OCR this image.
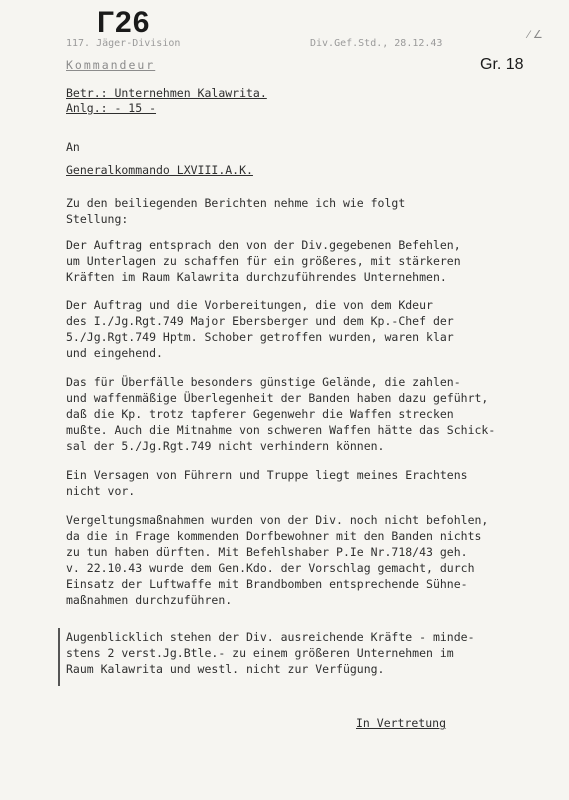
Г26	⁄ ∠
117. Jäger-Division	Div.Gef.Std., 28.12.43
Gr. 18
Kommandeur
Betr.: Unternehmen Kalawrita.
Anlg.: - 15 -
An
Generalkommando LXVIII.A.K.
Zu den beiliegenden Berichten nehme ich wie folgt
Stellung:
Der Auftrag entsprach den von der Div.gegebenen Befehlen,
um Unterlagen zu schaffen für ein größeres, mit stärkeren
Kräften im Raum Kalawrita durchzuführendes Unternehmen.
Der Auftrag und die Vorbereitungen, die von dem Kdeur
des I./Jg.Rgt.749 Major Ebersberger und dem Kp.-Chef der
5./Jg.Rgt.749 Hptm. Schober getroffen wurden, waren klar
und eingehend.
Das für Überfälle besonders günstige Gelände, die zahlen-
und waffenmäßige Überlegenheit der Banden haben dazu geführt,
daß die Kp. trotz tapferer Gegenwehr die Waffen strecken
mußte. Auch die Mitnahme von schweren Waffen hätte das Schick-
sal der 5./Jg.Rgt.749 nicht verhindern können.
Ein Versagen von Führern und Truppe liegt meines Erachtens
nicht vor.
Vergeltungsmaßnahmen wurden von der Div. noch nicht befohlen,
da die in Frage kommenden Dorfbewohner mit den Banden nichts
zu tun haben dürften. Mit Befehlshaber P.Ie Nr.718/43 geh.
v. 22.10.43 wurde dem Gen.Kdo. der Vorschlag gemacht, durch
Einsatz der Luftwaffe mit Brandbomben entsprechende Sühne-
maßnahmen durchzuführen.
Augenblicklich stehen der Div. ausreichende Kräfte - minde-
stens 2 verst.Jg.Btle.- zu einem größeren Unternehmen im
Raum Kalawrita und westl. nicht zur Verfügung.
In Vertretung
